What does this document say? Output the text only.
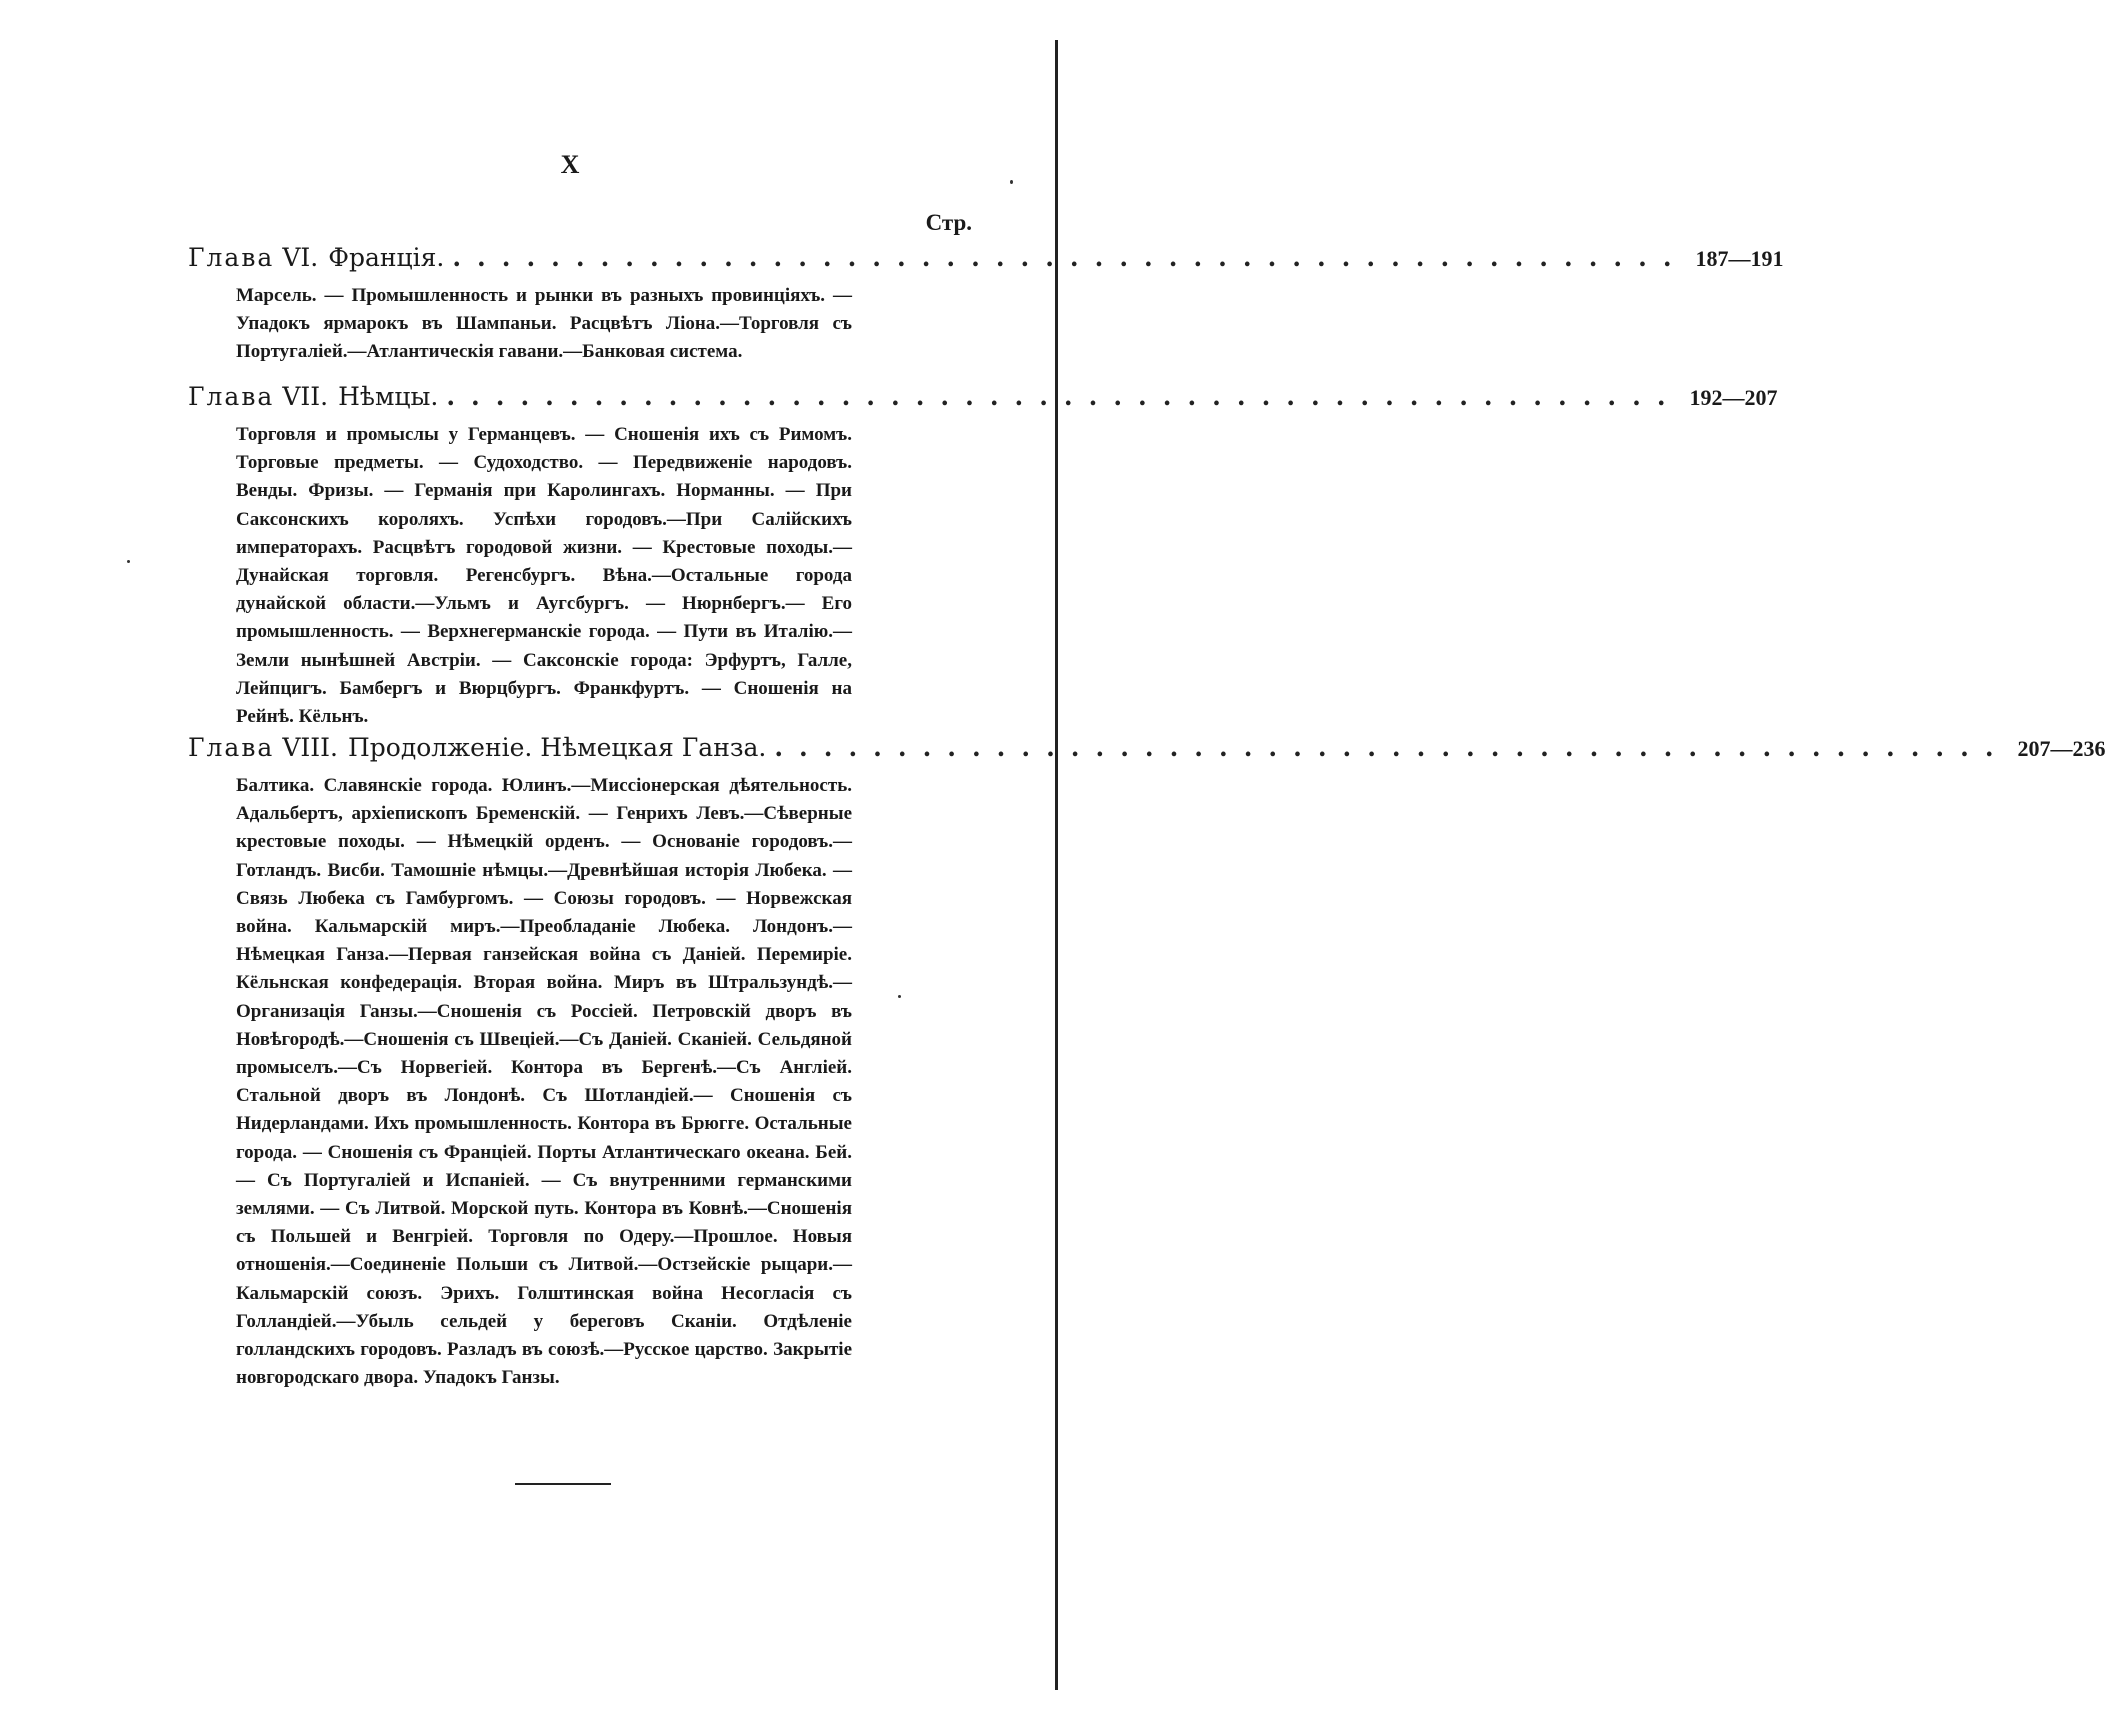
X
Стр.
Глава VI. Франція. .................................................. 187—191
Марсель. — Промышленность и рынки въ разныхъ провинціяхъ. — Упадокъ ярмарокъ въ Шампаньи. Расцвѣтъ Ліона.—Торговля съ Португаліей.—Атлантическія гавани.—Банковая система.
Глава VII. Нѣмцы. .................................................. 192—207
Торговля и промыслы у Германцевъ. — Сношенія ихъ съ Римомъ. Торговые предметы. — Судоходство. — Передвиженіе народовъ. Венды. Фризы. — Германія при Каролингахъ. Норманны. — При Саксонскихъ короляхъ. Успѣхи городовъ.—При Салійскихъ императорахъ. Расцвѣтъ городовой жизни. — Крестовые походы.—Дунайская торговля. Регенсбургъ. Вѣна.—Остальные города дунайской области.—Ульмъ и Аугсбургъ. — Нюрнбергъ.— Его промышленность. — Верхнегерманскіе города. — Пути въ Италію.— Земли нынѣшней Австріи. — Саксонскіе города: Эрфуртъ, Галле, Лейпцигъ. Бамбергъ и Вюрцбургъ. Франкфуртъ. — Сношенія на Рейнѣ. Кёльнъ.
Глава VIII. Продолженіе. Нѣмецкая Ганза. .................................................. 207—236
Балтика. Славянскіе города. Юлинъ.—Миссіонерская дѣятельность. Адальбертъ, архіепископъ Бременскій. — Генрихъ Левъ.—Сѣверные крестовые походы. — Нѣмецкій орденъ. — Основаніе городовъ.—Готландъ. Висби. Тамошніе нѣмцы.—Древнѣйшая исторія Любека. — Связь Любека съ Гамбургомъ. — Союзы городовъ. — Норвежская война. Кальмарскій миръ.—Преобладаніе Любека. Лондонъ.— Нѣмецкая Ганза.—Первая ганзейская война съ Даніей. Перемиріе. Кёльнская конфедерація. Вторая война. Миръ въ Штральзундѣ.—Организація Ганзы.—Сношенія съ Россіей. Петровскій дворъ въ Новѣгородѣ.—Сношенія съ Швеціей.—Съ Даніей. Сканіей. Сельдяной промыселъ.—Съ Норвегіей. Контора въ Бергенѣ.—Съ Англіей. Стальной дворъ въ Лондонѣ. Съ Шотландіей.— Сношенія съ Нидерландами. Ихъ промышленность. Контора въ Брюгге. Остальные города. — Сношенія съ Франціей. Порты Атлантическаго океана. Бей. — Съ Португаліей и Испаніей. — Съ внутренними германскими землями. — Съ Литвой. Морской путь. Контора въ Ковнѣ.—Сношенія съ Польшей и Венгріей. Торговля по Одеру.—Прошлое. Новыя отношенія.—Соединеніе Польши съ Литвой.—Остзейскіе рыцари.—Кальмарскій союзъ. Эрихъ. Голштинская война Несогласія съ Голландіей.—Убыль сельдей у береговъ Сканіи. Отдѣленіе голландскихъ городовъ. Разладъ въ союзѣ.—Русское царство. Закрытіе новгородскаго двора. Упадокъ Ганзы.
